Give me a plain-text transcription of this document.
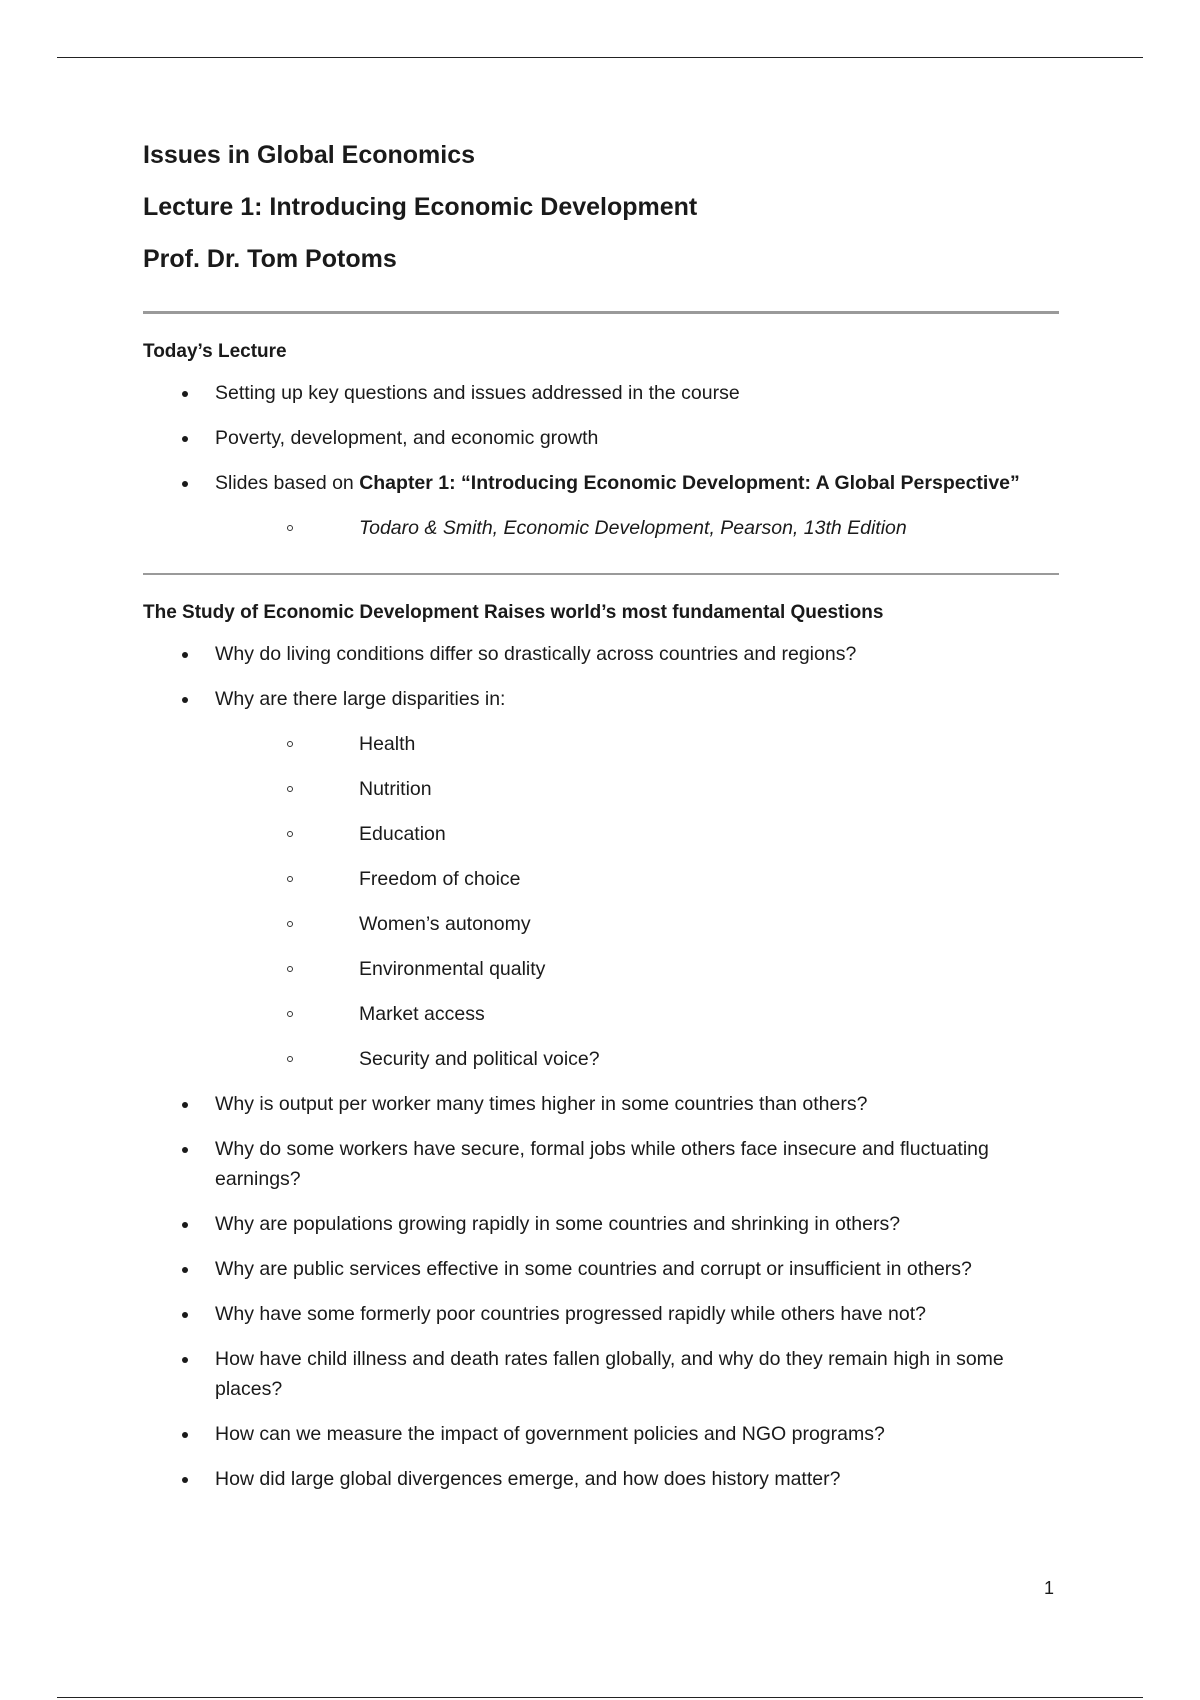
Issues in Global Economics
Lecture 1: Introducing Economic Development
Prof. Dr. Tom Potoms
Today’s Lecture
Setting up key questions and issues addressed in the course
Poverty, development, and economic growth
Slides based on Chapter 1: “Introducing Economic Development: A Global Perspective”
Todaro & Smith, Economic Development, Pearson, 13th Edition
The Study of Economic Development Raises world’s most fundamental Questions
Why do living conditions differ so drastically across countries and regions?
Why are there large disparities in:
Health
Nutrition
Education
Freedom of choice
Women’s autonomy
Environmental quality
Market access
Security and political voice?
Why is output per worker many times higher in some countries than others?
Why do some workers have secure, formal jobs while others face insecure and fluctuating earnings?
Why are populations growing rapidly in some countries and shrinking in others?
Why are public services effective in some countries and corrupt or insufficient in others?
Why have some formerly poor countries progressed rapidly while others have not?
How have child illness and death rates fallen globally, and why do they remain high in some places?
How can we measure the impact of government policies and NGO programs?
How did large global divergences emerge, and how does history matter?
1
